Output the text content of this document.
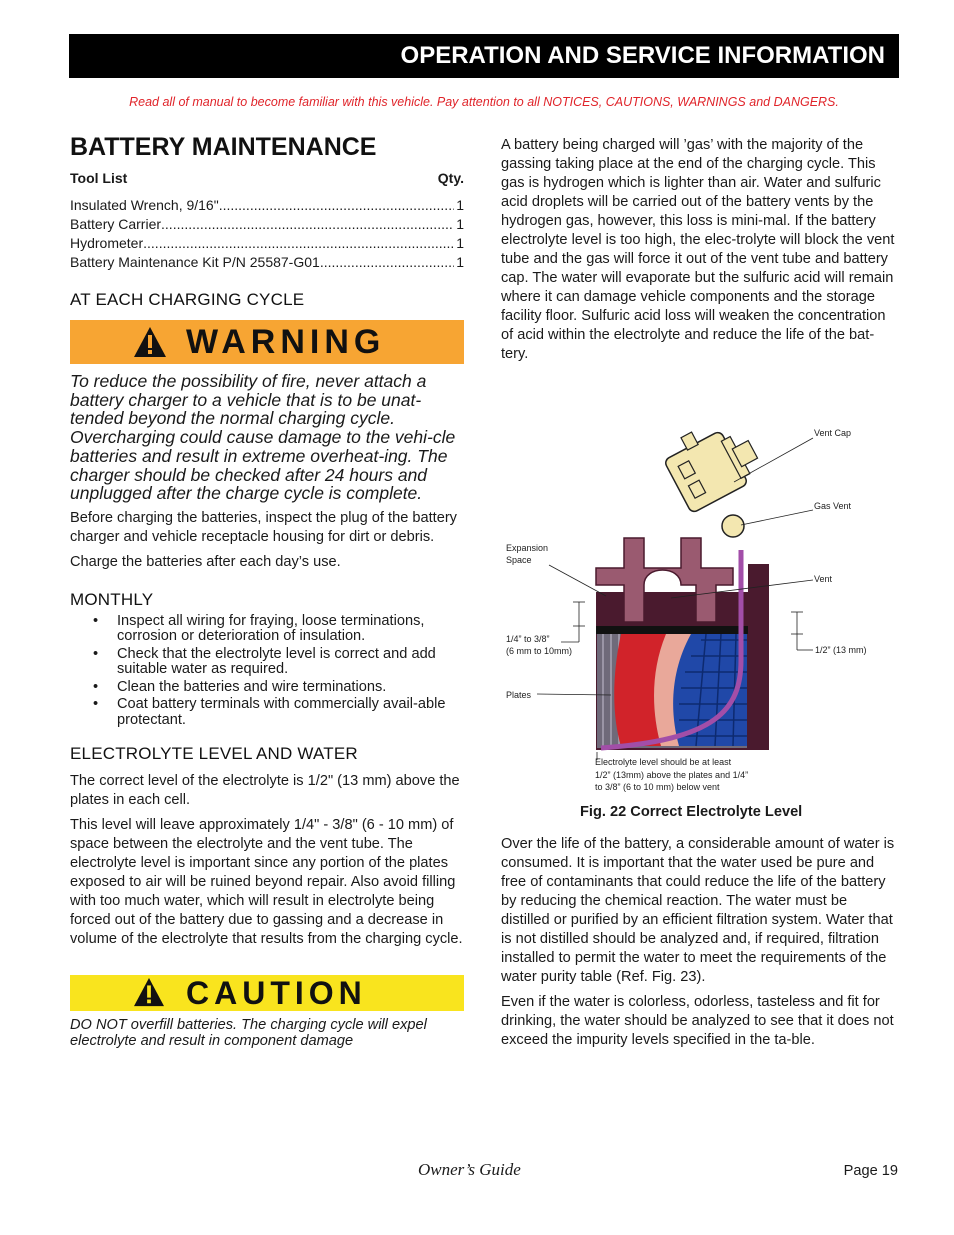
OPERATION AND SERVICE INFORMATION
Read all of manual to become familiar with this vehicle. Pay attention to all NOTICES, CAUTIONS, WARNINGS and DANGERS.
BATTERY MAINTENANCE
Tool List	Qty.
Insulated Wrench, 9/16" .....	1
Battery Carrier .....	1
Hydrometer .....	1
Battery Maintenance Kit P/N 25587-G01 .....	1
AT EACH CHARGING CYCLE
WARNING

To reduce the possibility of fire, never attach a battery charger to a vehicle that is to be unat-tended beyond the normal charging cycle. Overcharging could cause damage to the vehi-cle batteries and result in extreme overheat-ing. The charger should be checked after 24 hours and unplugged after the charge cycle is complete.

Before charging the batteries, inspect the plug of the battery charger and vehicle receptacle housing for dirt or debris.

Charge the batteries after each day’s use.

MONTHLY
• Inspect all wiring for fraying, loose terminations, corrosion or deterioration of insulation.
• Check that the electrolyte level is correct and add suitable water as required.
• Clean the batteries and wire terminations.
• Coat battery terminals with commercially avail-able protectant.
ELECTROLYTE LEVEL AND WATER

The correct level of the electrolyte is 1/2" (13 mm) above the plates in each cell.

This level will leave approximately 1/4" - 3/8" (6 - 10 mm) of space between the electrolyte and the vent tube. The electrolyte level is important since any portion of the plates exposed to air will be ruined beyond repair. Also avoid filling with too much water, which will result in electrolyte being forced out of the battery due to gassing and a decrease in volume of the electrolyte that results from the charging cycle.

CAUTION

DO NOT overfill batteries. The charging cycle will expel electrolyte and result in component damage

A battery being charged will ’gas’ with the majority of the gassing taking place at the end of the charging cycle. This gas is hydrogen which is lighter than air. Water and sulfuric acid droplets will be carried out of the battery vents by the hydrogen gas, however, this loss is mini-mal. If the battery electrolyte level is too high, the elec-trolyte will block the vent tube and the gas will force it out of the vent tube and battery cap. The water will evaporate but the sulfuric acid will remain where it can damage vehicle components and the storage facility floor. Sulfuric acid loss will weaken the concentration of acid within the electrolyte and reduce the life of the bat-tery.

Vent Cap
Gas Vent
Expansion
Space
Vent
1/4” to 3/8”
(6 mm to 10mm)	1/2” (13 mm)
Plates
Electrolyte level should be at least
1/2” (13mm) above the plates and 1/4”
to 3/8” (6 to 10 mm) below vent
Fig. 22 Correct Electrolyte Level

Over the life of the battery, a considerable amount of water is consumed. It is important that the water used be pure and free of contaminants that could reduce the life of the battery by reducing the chemical reaction. The water must be distilled or purified by an efficient filtration system. Water that is not distilled should be analyzed and, if required, filtration installed to permit the water to meet the requirements of the water purity table (Ref. Fig. 23).

Even if the water is colorless, odorless, tasteless and fit for drinking, the water should be analyzed to see that it does not exceed the impurity levels specified in the ta-ble.

Owner’s Guide	Page 19
